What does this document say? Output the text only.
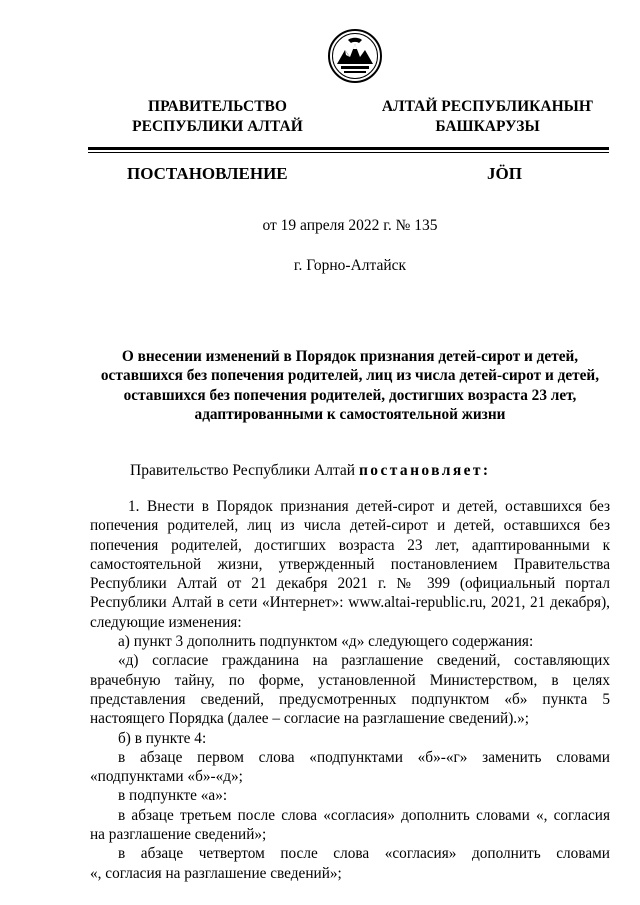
ПРАВИТЕЛЬСТВО
РЕСПУБЛИКИ АЛТАЙ
АЛТАЙ РЕСПУБЛИКАНЫҤ
БАШКАРУЗЫ
ПОСТАНОВЛЕНИЕ	JӦП
от 19 апреля 2022 г. № 135
г. Горно-Алтайск
О внесении изменений в Порядок признания детей-сирот и детей,
оставшихся без попечения родителей, лиц из числа детей-сирот и детей,
оставшихся без попечения родителей, достигших возраста 23 лет,
адаптированными к самостоятельной жизни
Правительство Республики Алтай постановляет:
1. Внести в Порядок признания детей-сирот и детей, оставшихся без
попечения родителей, лиц из числа детей-сирот и детей, оставшихся без
попечения родителей, достигших возраста 23 лет, адаптированными к
самостоятельной жизни, утвержденный постановлением Правительства
Республики Алтай от 21 декабря 2021 г. № 399 (официальный портал
Республики Алтай в сети «Интернет»: www.altai-republic.ru, 2021, 21 декабря),
следующие изменения:
а) пункт 3 дополнить подпунктом «д» следующего содержания:
«д) согласие гражданина на разглашение сведений, составляющих
врачебную тайну, по форме, установленной Министерством, в целях
представления сведений, предусмотренных подпунктом «б» пункта 5
настоящего Порядка (далее – согласие на разглашение сведений).»;
б) в пункте 4:
в абзаце первом слова «подпунктами «б»-«г» заменить словами
«подпунктами «б»-«д»;
в подпункте «а»:
в абзаце третьем после слова «согласия» дополнить словами «, согласия
на разглашение сведений»;
в абзаце четвертом после слова «согласия» дополнить словами
«, согласия на разглашение сведений»;
